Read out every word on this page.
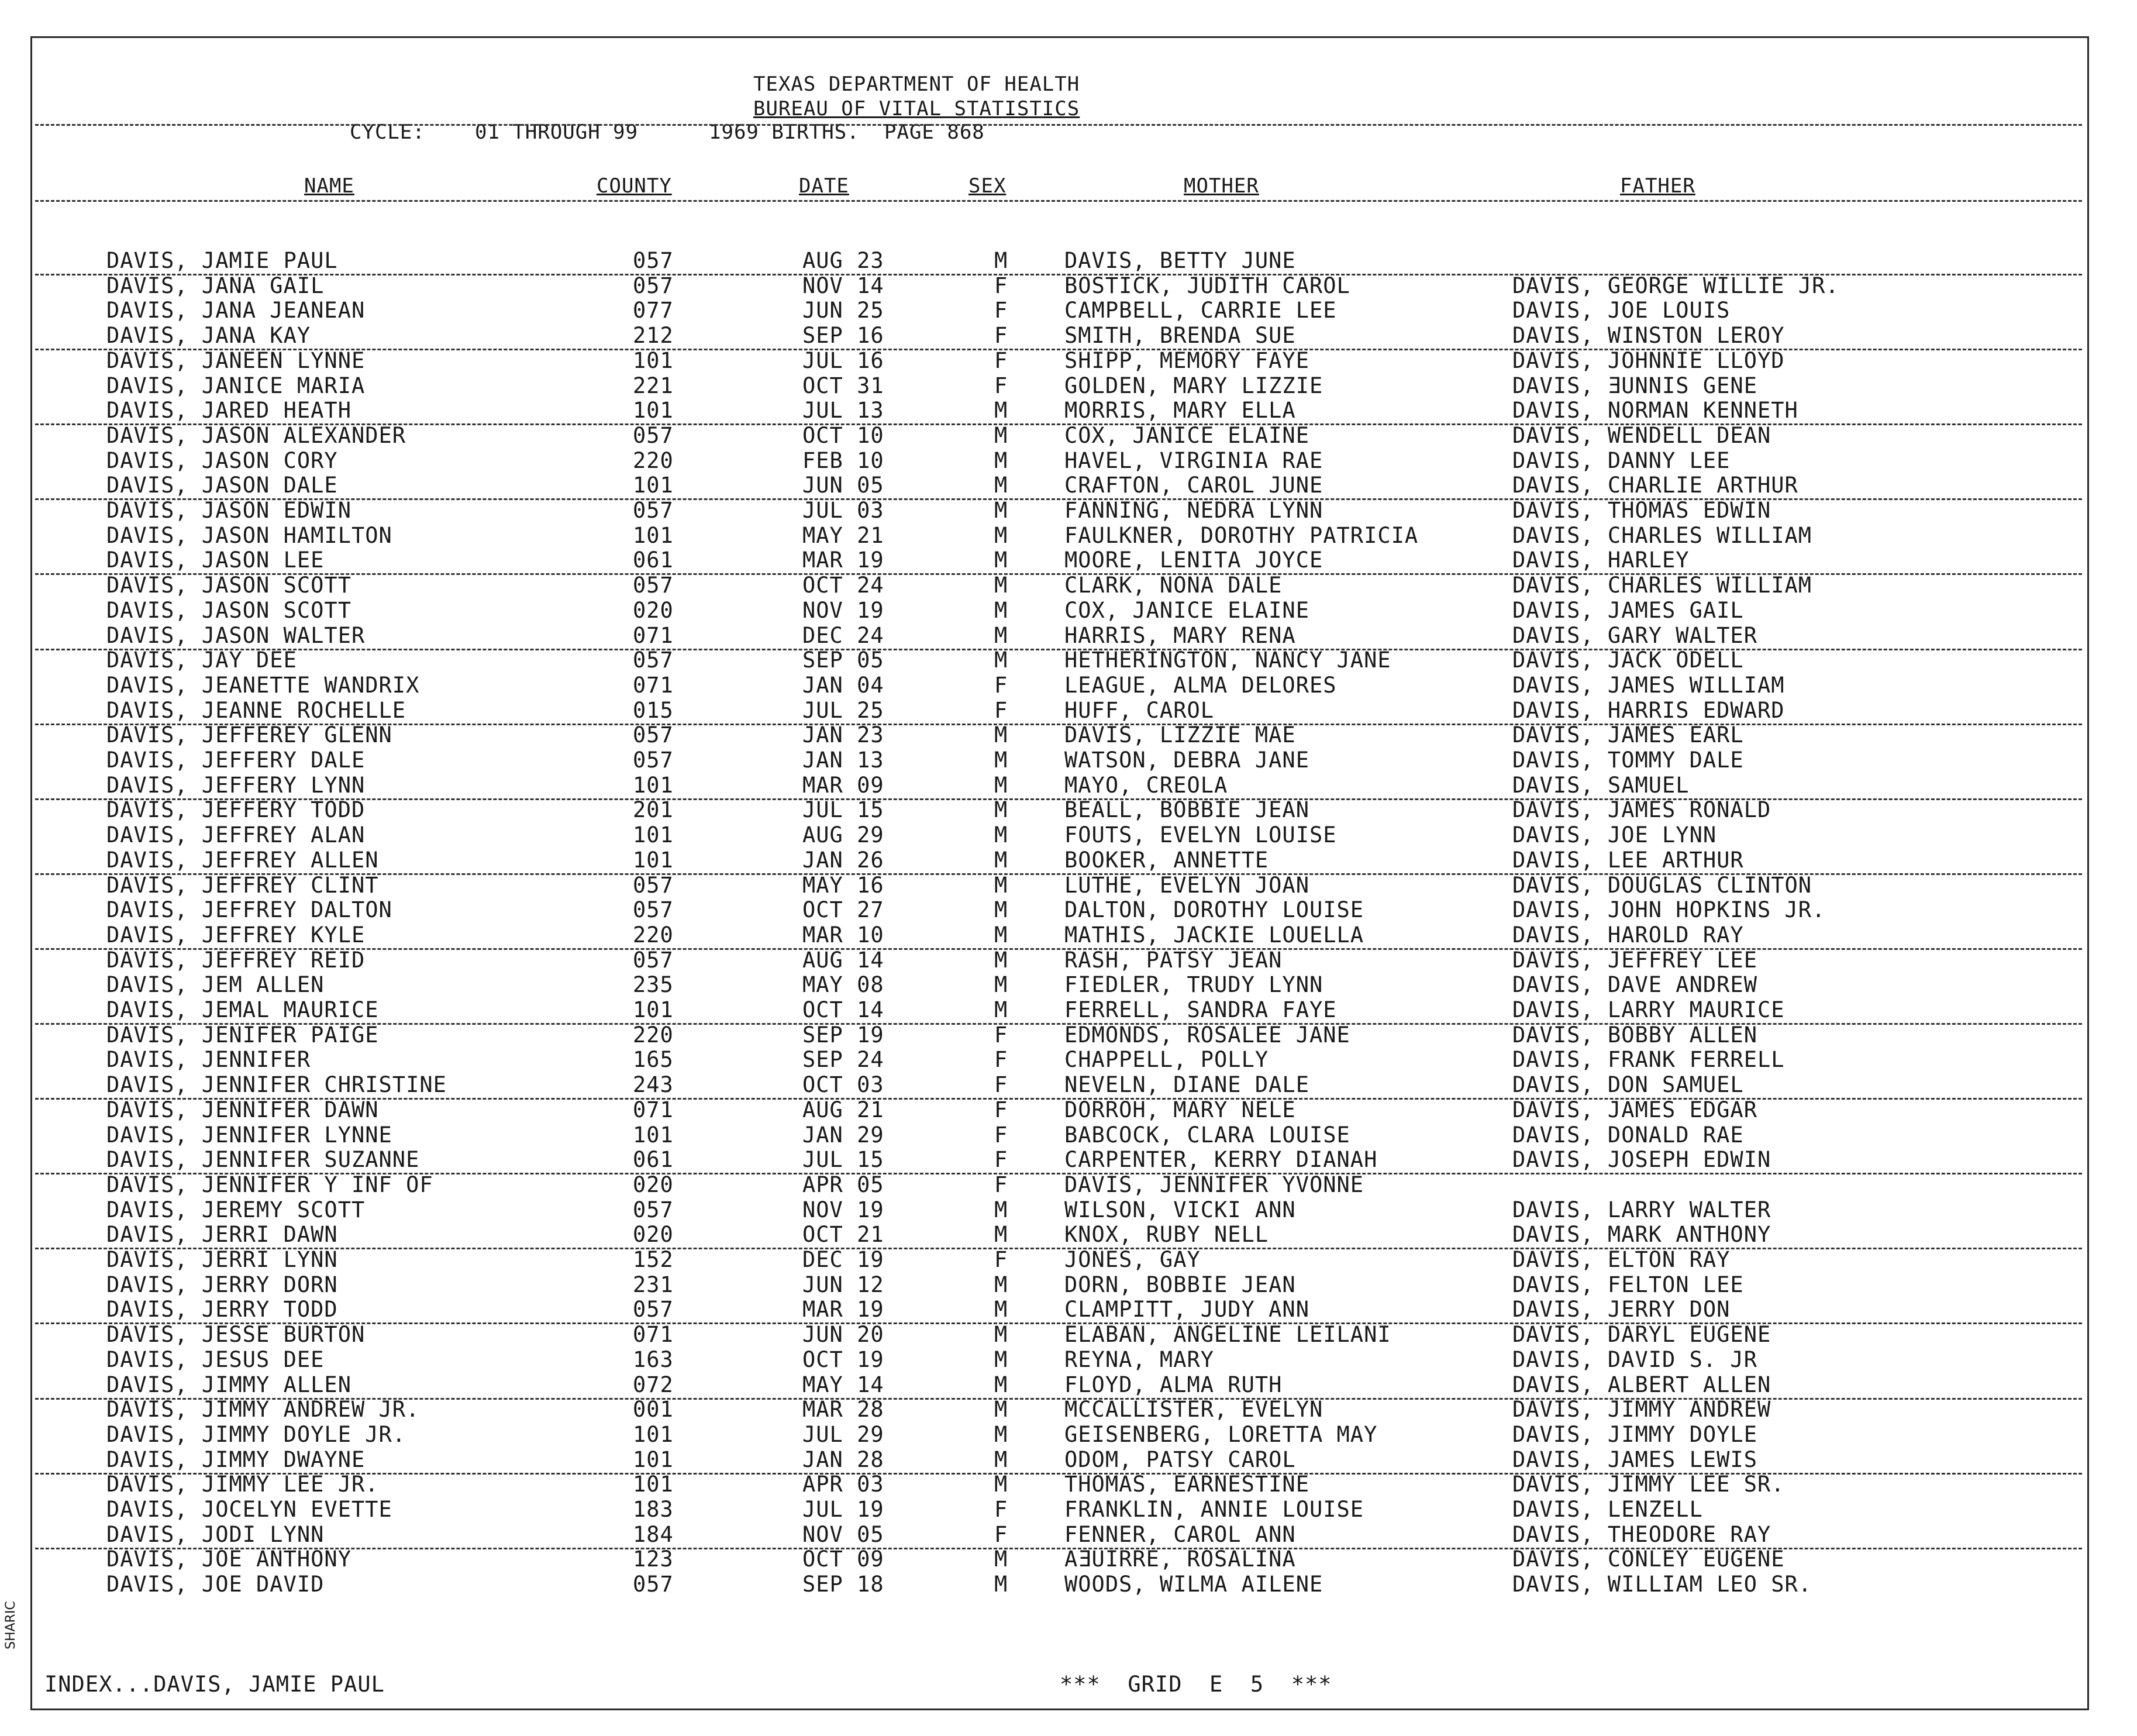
TEXAS DEPARTMENT OF HEALTH
BUREAU OF VITAL STATISTICS
CYCLE:	01 THROUGH 99	1969 BIRTHS. PAGE 868
NAME	COUNTY	DATE	SEX	MOTHER	FATHER
DAVIS, JAMIE PAUL	057	AUG 23	M	DAVIS, BETTY JUNE
DAVIS, JANA GAIL	057	NOV 14	F	BOSTICK, JUDITH CAROL	DAVIS, GEORGE WILLIE JR.
DAVIS, JANA JEANEAN	077	JUN 25	F	CAMPBELL, CARRIE LEE	DAVIS, JOE LOUIS
DAVIS, JANA KAY	212	SEP 16	F	SMITH, BRENDA SUE	DAVIS, WINSTON LEROY
DAVIS, JANEEN LYNNE	101	JUL 16	F	SHIPP, MEMORY FAYE	DAVIS, JOHNNIE LLOYD
DAVIS, JANICE MARIA	221	OCT 31	F	GOLDEN, MARY LIZZIE	DAVIS, ƎUNNIS GENE
DAVIS, JARED HEATH	101	JUL 13	M	MORRIS, MARY ELLA	DAVIS, NORMAN KENNETH
DAVIS, JASON ALEXANDER	057	OCT 10	M	COX, JANICE ELAINE	DAVIS, WENDELL DEAN
DAVIS, JASON CORY	220	FEB 10	M	HAVEL, VIRGINIA RAE	DAVIS, DANNY LEE
DAVIS, JASON DALE	101	JUN 05	M	CRAFTON, CAROL JUNE	DAVIS, CHARLIE ARTHUR
DAVIS, JASON EDWIN	057	JUL 03	M	FANNING, NEDRA LYNN	DAVIS, THOMAS EDWIN
DAVIS, JASON HAMILTON	101	MAY 21	M	FAULKNER, DOROTHY PATRICIA	DAVIS, CHARLES WILLIAM
DAVIS, JASON LEE	061	MAR 19	M	MOORE, LENITA JOYCE	DAVIS, HARLEY
DAVIS, JASON SCOTT	057	OCT 24	M	CLARK, NONA DALE	DAVIS, CHARLES WILLIAM
DAVIS, JASON SCOTT	020	NOV 19	M	COX, JANICE ELAINE	DAVIS, JAMES GAIL
DAVIS, JASON WALTER	071	DEC 24	M	HARRIS, MARY RENA	DAVIS, GARY WALTER
DAVIS, JAY DEE	057	SEP 05	M	HETHERINGTON, NANCY JANE	DAVIS, JACK ODELL
DAVIS, JEANETTE WANDRIX	071	JAN 04	F	LEAGUE, ALMA DELORES	DAVIS, JAMES WILLIAM
DAVIS, JEANNE ROCHELLE	015	JUL 25	F	HUFF, CAROL	DAVIS, HARRIS EDWARD
DAVIS, JEFFEREY GLENN	057	JAN 23	M	DAVIS, LIZZIE MAE	DAVIS, JAMES EARL
DAVIS, JEFFERY DALE	057	JAN 13	M	WATSON, DEBRA JANE	DAVIS, TOMMY DALE
DAVIS, JEFFERY LYNN	101	MAR 09	M	MAYO, CREOLA	DAVIS, SAMUEL
DAVIS, JEFFERY TODD	201	JUL 15	M	BEALL, BOBBIE JEAN	DAVIS, JAMES RONALD
DAVIS, JEFFREY ALAN	101	AUG 29	M	FOUTS, EVELYN LOUISE	DAVIS, JOE LYNN
DAVIS, JEFFREY ALLEN	101	JAN 26	M	BOOKER, ANNETTE	DAVIS, LEE ARTHUR
DAVIS, JEFFREY CLINT	057	MAY 16	M	LUTHE, EVELYN JOAN	DAVIS, DOUGLAS CLINTON
DAVIS, JEFFREY DALTON	057	OCT 27	M	DALTON, DOROTHY LOUISE	DAVIS, JOHN HOPKINS JR.
DAVIS, JEFFREY KYLE	220	MAR 10	M	MATHIS, JACKIE LOUELLA	DAVIS, HAROLD RAY
DAVIS, JEFFREY REID	057	AUG 14	M	RASH, PATSY JEAN	DAVIS, JEFFREY LEE
DAVIS, JEM ALLEN	235	MAY 08	M	FIEDLER, TRUDY LYNN	DAVIS, DAVE ANDREW
DAVIS, JEMAL MAURICE	101	OCT 14	M	FERRELL, SANDRA FAYE	DAVIS, LARRY MAURICE
DAVIS, JENIFER PAIGE	220	SEP 19	F	EDMONDS, ROSALEE JANE	DAVIS, BOBBY ALLEN
DAVIS, JENNIFER	165	SEP 24	F	CHAPPELL, POLLY	DAVIS, FRANK FERRELL
DAVIS, JENNIFER CHRISTINE	243	OCT 03	F	NEVELN, DIANE DALE	DAVIS, DON SAMUEL
DAVIS, JENNIFER DAWN	071	AUG 21	F	DORROH, MARY NELE	DAVIS, JAMES EDGAR
DAVIS, JENNIFER LYNNE	101	JAN 29	F	BABCOCK, CLARA LOUISE	DAVIS, DONALD RAE
DAVIS, JENNIFER SUZANNE	061	JUL 15	F	CARPENTER, KERRY DIANAH	DAVIS, JOSEPH EDWIN
DAVIS, JENNIFER Y INF OF	020	APR 05	F	DAVIS, JENNIFER YVONNE
DAVIS, JEREMY SCOTT	057	NOV 19	M	WILSON, VICKI ANN	DAVIS, LARRY WALTER
DAVIS, JERRI DAWN	020	OCT 21	M	KNOX, RUBY NELL	DAVIS, MARK ANTHONY
DAVIS, JERRI LYNN	152	DEC 19	F	JONES, GAY	DAVIS, ELTON RAY
DAVIS, JERRY DORN	231	JUN 12	M	DORN, BOBBIE JEAN	DAVIS, FELTON LEE
DAVIS, JERRY TODD	057	MAR 19	M	CLAMPITT, JUDY ANN	DAVIS, JERRY DON
DAVIS, JESSE BURTON	071	JUN 20	M	ELABAN, ANGELINE LEILANI	DAVIS, DARYL EUGENE
DAVIS, JESUS DEE	163	OCT 19	M	REYNA, MARY	DAVIS, DAVID S. JR
DAVIS, JIMMY ALLEN	072	MAY 14	M	FLOYD, ALMA RUTH	DAVIS, ALBERT ALLEN
DAVIS, JIMMY ANDREW JR.	001	MAR 28	M	MCCALLISTER, EVELYN	DAVIS, JIMMY ANDREW
DAVIS, JIMMY DOYLE JR.	101	JUL 29	M	GEISENBERG, LORETTA MAY	DAVIS, JIMMY DOYLE
DAVIS, JIMMY DWAYNE	101	JAN 28	M	ODOM, PATSY CAROL	DAVIS, JAMES LEWIS
DAVIS, JIMMY LEE JR.	101	APR 03	M	THOMAS, EARNESTINE	DAVIS, JIMMY LEE SR.
DAVIS, JOCELYN EVETTE	183	JUL 19	F	FRANKLIN, ANNIE LOUISE	DAVIS, LENZELL
DAVIS, JODI LYNN	184	NOV 05	F	FENNER, CAROL ANN	DAVIS, THEODORE RAY
DAVIS, JOE ANTHONY	123	OCT 09	M	AƎUIRRE, ROSALINA	DAVIS, CONLEY EUGENE
DAVIS, JOE DAVID	057	SEP 18	M	WOODS, WILMA AILENE	DAVIS, WILLIAM LEO SR.
INDEX...DAVIS, JAMIE PAUL	***  GRID  E  5  ***
SHARIC
